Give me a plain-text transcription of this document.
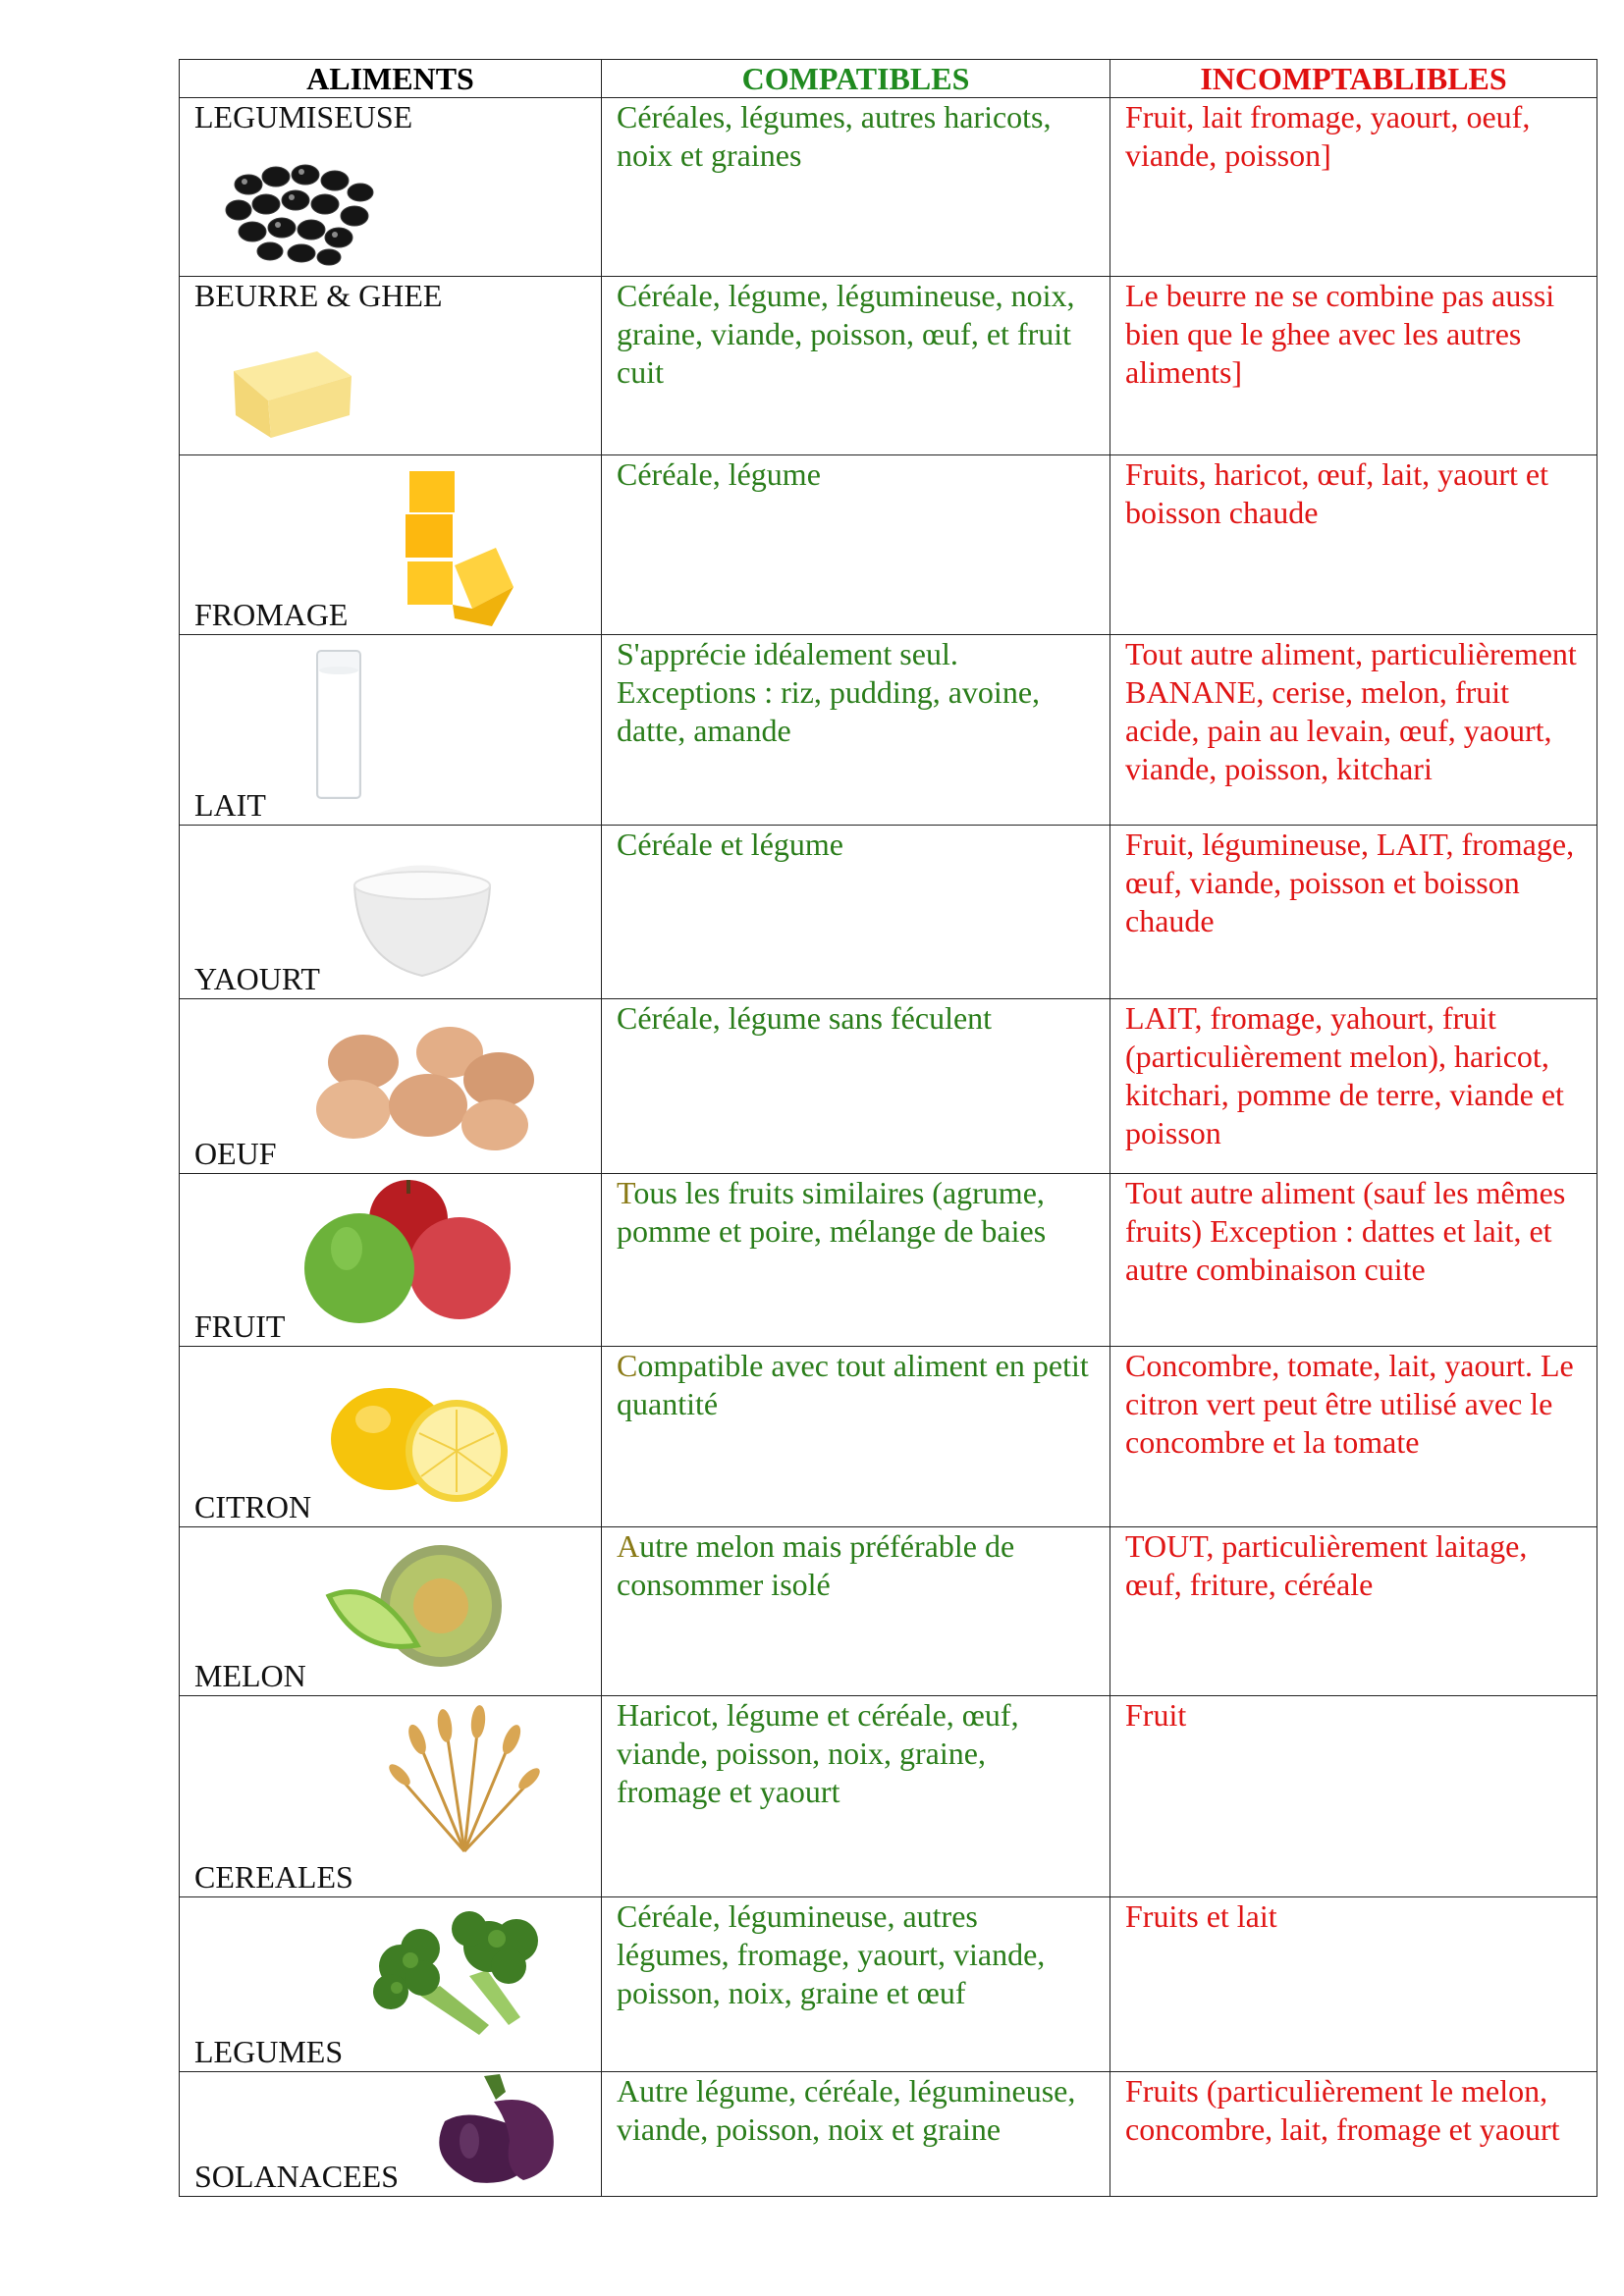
ALIMENTS	COMPATIBLES	INCOMPTABLIBLES

LEGUMISEUSE	Céréales, légumes, autres haricots, noix et graines	Fruit, lait fromage, yaourt, oeuf, viande, poisson]

BEURRE & GHEE	Céréale, légume, légumineuse, noix, graine, viande, poisson, œuf, et fruit cuit	Le beurre ne se combine pas aussi bien que le ghee avec les autres aliments]

FROMAGE	Céréale, légume	Fruits, haricot, œuf, lait, yaourt et boisson chaude

LAIT	S'apprécie idéalement seul. Exceptions : riz, pudding, avoine, datte, amande	Tout autre aliment, particulièrement BANANE, cerise, melon, fruit acide, pain au levain, œuf, yaourt, viande, poisson, kitchari

YAOURT	Céréale et légume	Fruit, légumineuse, LAIT, fromage, œuf, viande, poisson et boisson chaude

OEUF	Céréale, légume sans féculent	LAIT, fromage, yahourt, fruit (particulièrement melon), haricot, kitchari, pomme de terre, viande et poisson

FRUIT	Tous les fruits similaires (agrume, pomme et poire, mélange de baies	Tout autre aliment (sauf les mêmes fruits) Exception : dattes et lait, et autre combinaison cuite

CITRON	Compatible avec tout aliment en petit quantité	Concombre, tomate, lait, yaourt. Le citron vert peut être utilisé avec le concombre et la tomate

MELON	Autre melon mais préférable de consommer isolé	TOUT, particulièrement laitage, œuf, friture, céréale

CEREALES	Haricot, légume et céréale, œuf, viande, poisson, noix, graine, fromage et yaourt	Fruit

LEGUMES	Céréale, légumineuse, autres légumes, fromage, yaourt, viande, poisson, noix, graine et œuf	Fruits et lait

SOLANACEES	Autre légume, céréale, légumineuse, viande, poisson, noix et graine	Fruits (particulièrement le melon, concombre, lait, fromage et yaourt
